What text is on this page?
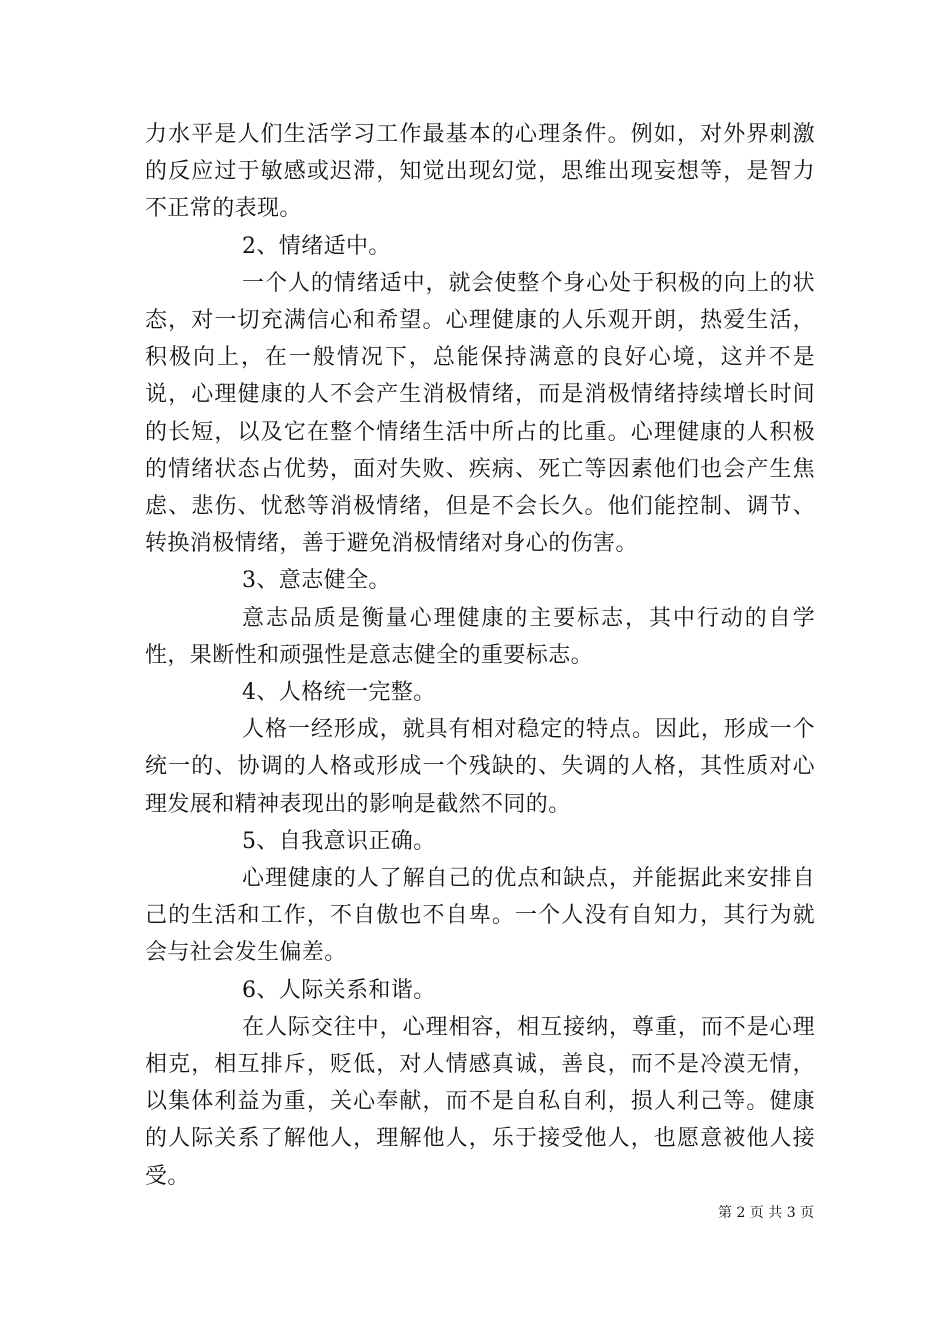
力水平是人们生活学习工作最基本的心理条件。例如，对外界刺激的反应过于敏感或迟滞，知觉出现幻觉，思维出现妄想等，是智力不正常的表现。

2、情绪适中。

一个人的情绪适中，就会使整个身心处于积极的向上的状态，对一切充满信心和希望。心理健康的人乐观开朗，热爱生活，积极向上，在一般情况下，总能保持满意的良好心境，这并不是说，心理健康的人不会产生消极情绪，而是消极情绪持续增长时间的长短，以及它在整个情绪生活中所占的比重。心理健康的人积极的情绪状态占优势，面对失败、疾病、死亡等因素他们也会产生焦虑、悲伤、忧愁等消极情绪，但是不会长久。他们能控制、调节、转换消极情绪，善于避免消极情绪对身心的伤害。

3、意志健全。

意志品质是衡量心理健康的主要标志，其中行动的自学性，果断性和顽强性是意志健全的重要标志。

4、人格统一完整。

人格一经形成，就具有相对稳定的特点。因此，形成一个统一的、协调的人格或形成一个残缺的、失调的人格，其性质对心理发展和精神表现出的影响是截然不同的。

5、自我意识正确。

心理健康的人了解自己的优点和缺点，并能据此来安排自己的生活和工作，不自傲也不自卑。一个人没有自知力，其行为就会与社会发生偏差。

6、人际关系和谐。

在人际交往中，心理相容，相互接纳，尊重，而不是心理相克，相互排斥，贬低，对人情感真诚，善良，而不是冷漠无情，以集体利益为重，关心奉献，而不是自私自利，损人利己等。健康的人际关系了解他人，理解他人，乐于接受他人，也愿意被他人接受。

第 2 页 共 3 页
